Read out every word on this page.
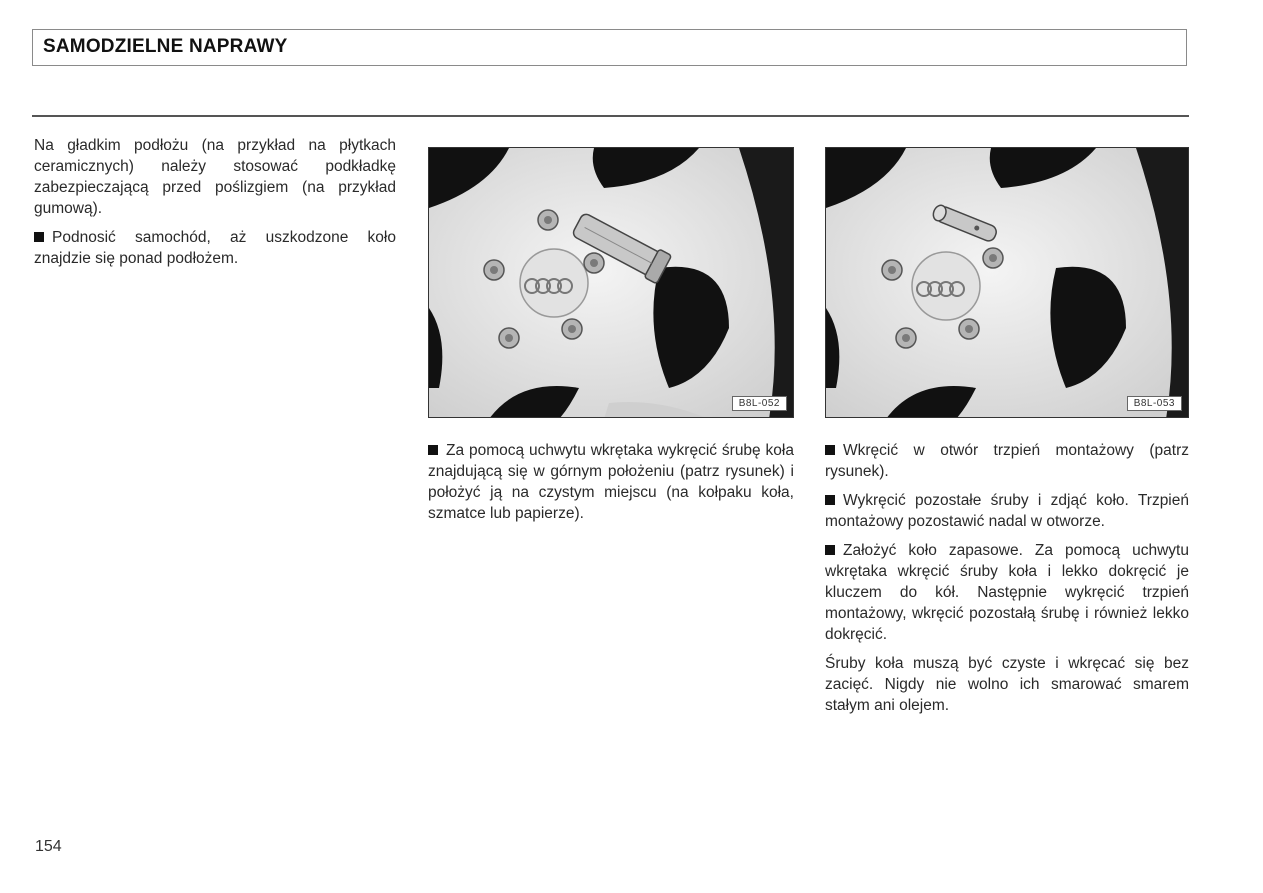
SAMODZIELNE NAPRAWY

Na gładkim podłożu (na przykład na płytkach ceramicznych) należy stosować podkładkę zabezpieczającą przed poślizgiem (na przykład gumową).

Podnosić samochód, aż uszkodzone koło znajdzie się ponad podłożem.

B8L-052	B8L-053

Za pomocą uchwytu wkrętaka wykręcić śrubę koła znajdującą się w górnym położeniu (patrz rysunek) i położyć ją na czystym miejscu (na kołpaku koła, szmatce lub papierze).

Wkręcić w otwór trzpień montażowy (patrz rysunek).

Wykręcić pozostałe śruby i zdjąć koło. Trzpień montażowy pozostawić nadal w otworze.

Założyć koło zapasowe. Za pomocą uchwytu wkrętaka wkręcić śruby koła i lekko dokręcić je kluczem do kół. Następnie wykręcić trzpień montażowy, wkręcić pozostałą śrubę i również lekko dokręcić.

Śruby koła muszą być czyste i wkręcać się bez zacięć. Nigdy nie wolno ich smarować smarem stałym ani olejem.

154
